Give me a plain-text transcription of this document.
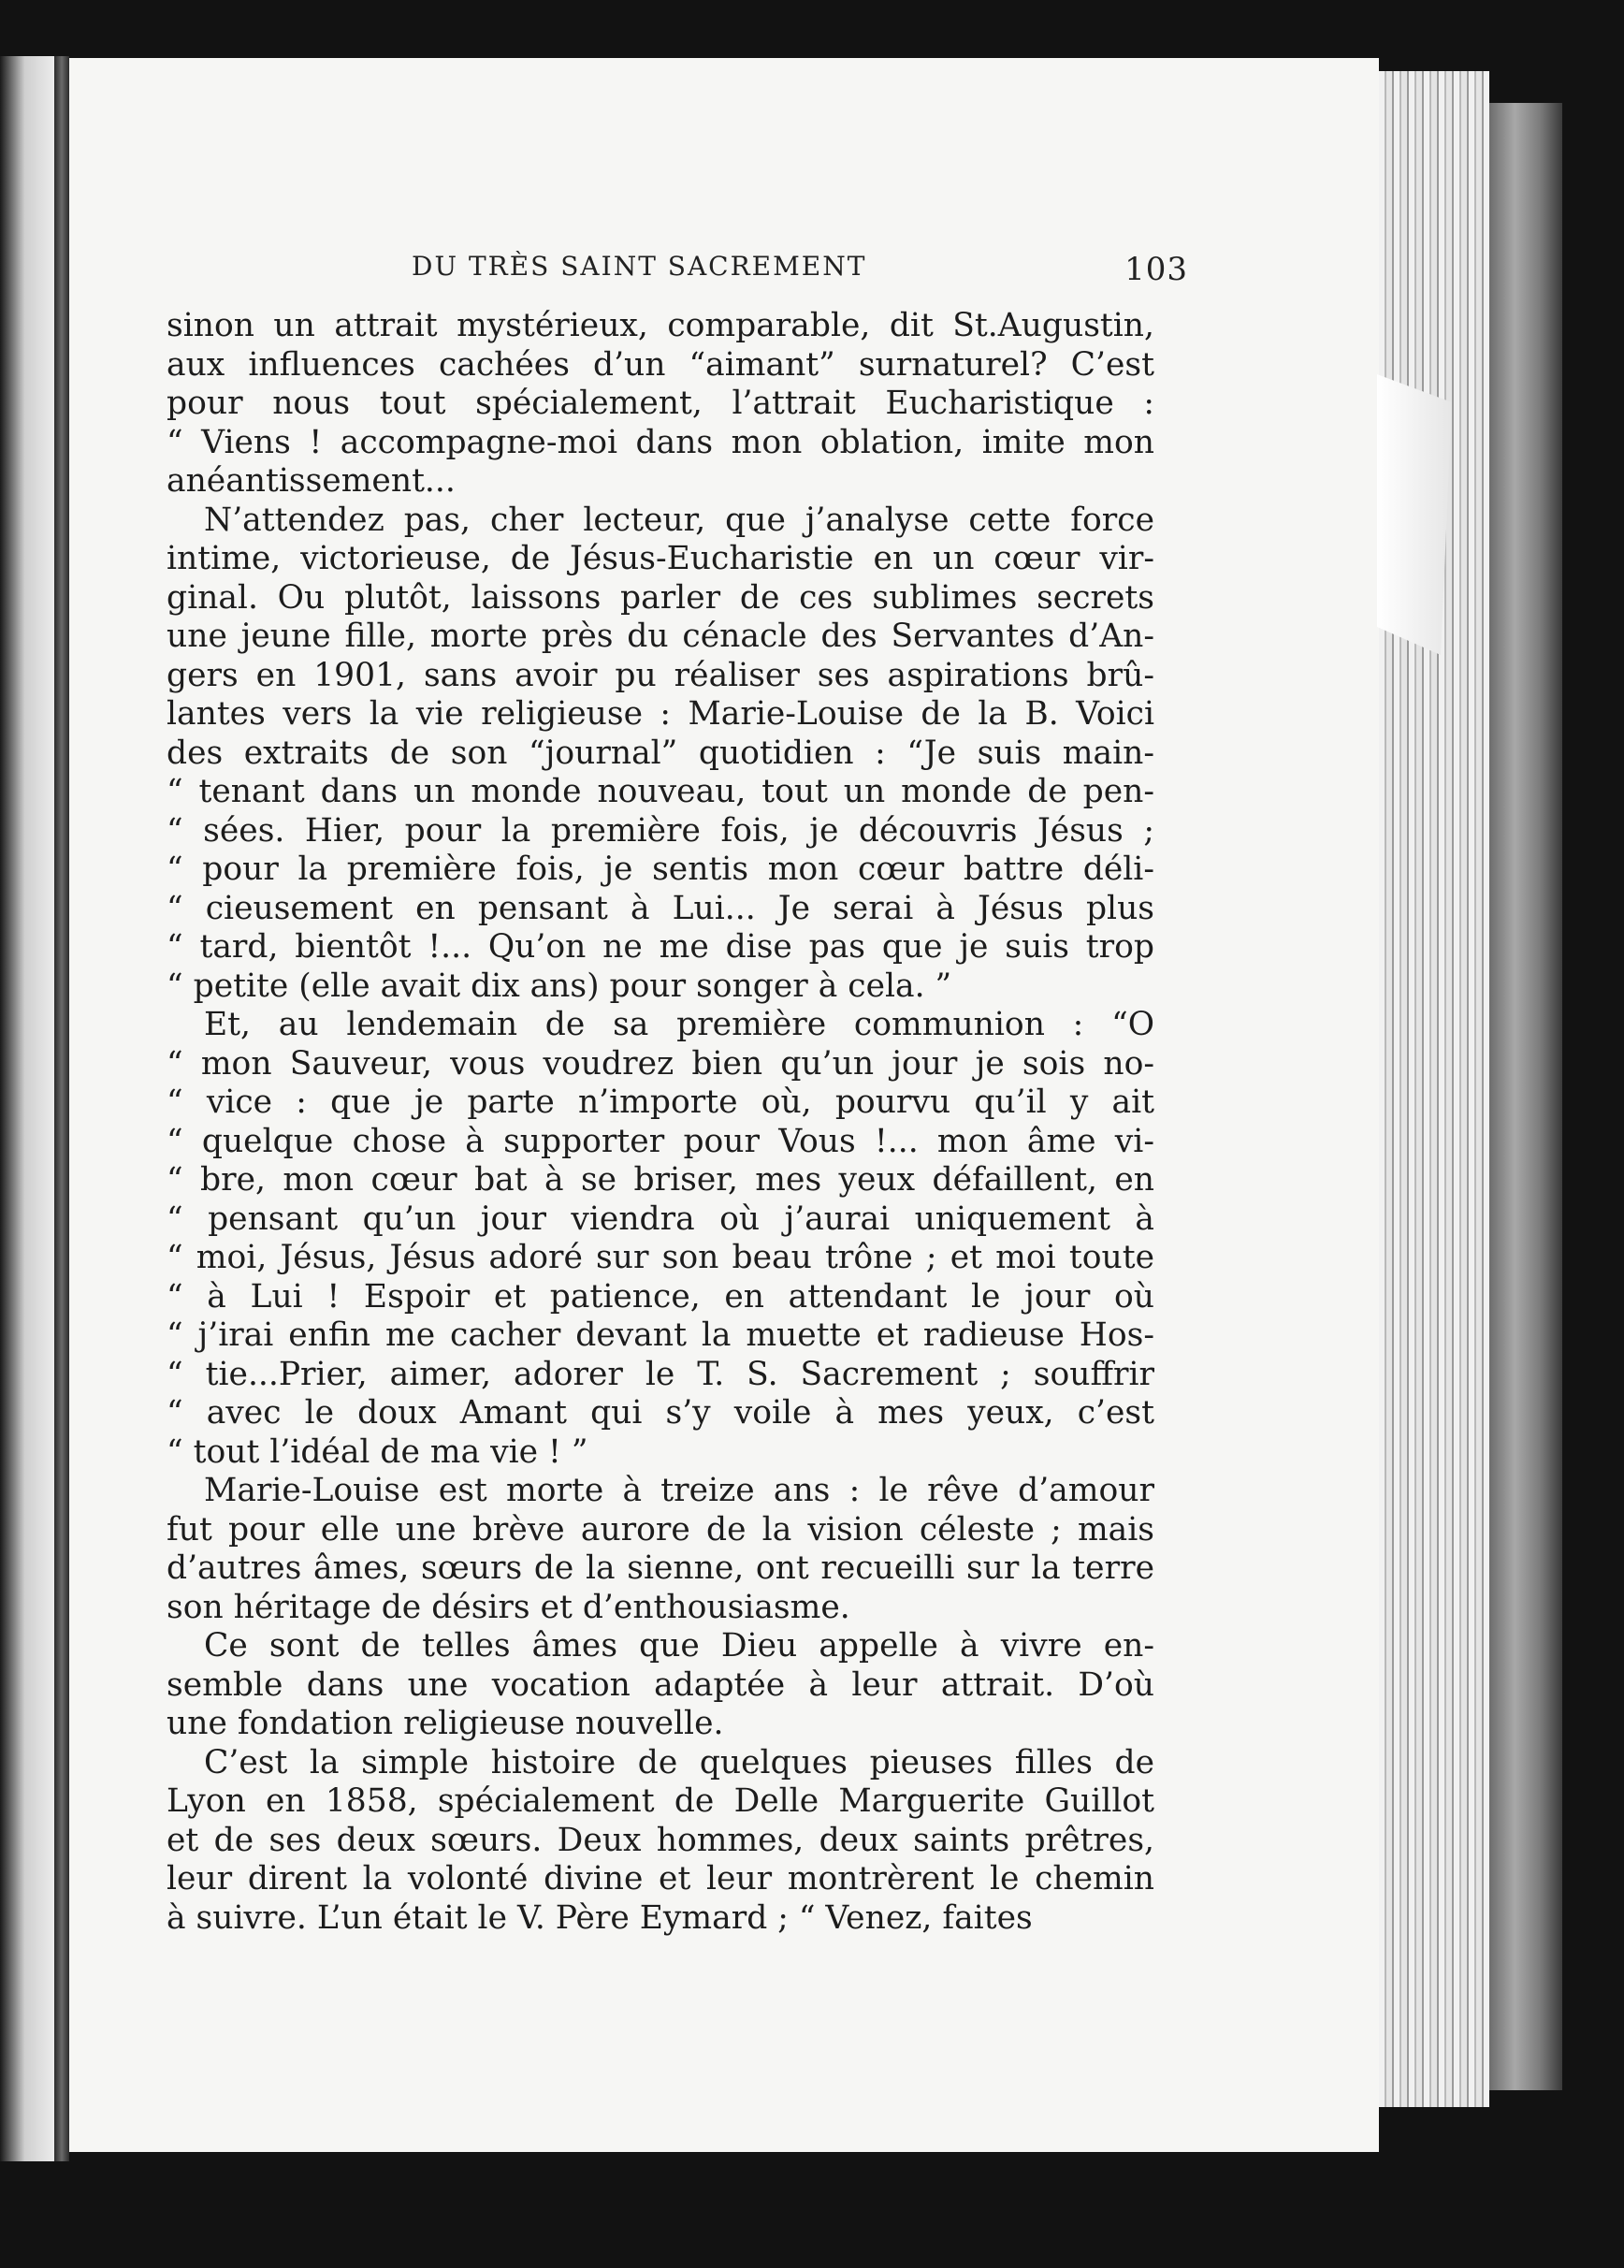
DU TRÈS SAINT SACREMENT	103
sinon un attrait mystérieux, comparable, dit St.Augustin,
aux influences cachées d’un “aimant” surnaturel? C’est
pour nous tout spécialement, l’attrait Eucharistique :
“ Viens ! accompagne-moi dans mon oblation, imite mon
anéantissement...
N’attendez pas, cher lecteur, que j’analyse cette force
intime, victorieuse, de Jésus-Eucharistie en un cœur vir-
ginal. Ou plutôt, laissons parler de ces sublimes secrets
une jeune fille, morte près du cénacle des Servantes d’An-
gers en 1901, sans avoir pu réaliser ses aspirations brû-
lantes vers la vie religieuse : Marie-Louise de la B. Voici
des extraits de son “journal” quotidien : “Je suis main-
“ tenant dans un monde nouveau, tout un monde de pen-
“ sées. Hier, pour la première fois, je découvris Jésus ;
“ pour la première fois, je sentis mon cœur battre déli-
“ cieusement en pensant à Lui... Je serai à Jésus plus
“ tard, bientôt !... Qu’on ne me dise pas que je suis trop
“ petite (elle avait dix ans) pour songer à cela. ”
Et, au lendemain de sa première communion : “O
“ mon Sauveur, vous voudrez bien qu’un jour je sois no-
“ vice : que je parte n’importe où, pourvu qu’il y ait
“ quelque chose à supporter pour Vous !... mon âme vi-
“ bre, mon cœur bat à se briser, mes yeux défaillent, en
“ pensant qu’un jour viendra où j’aurai uniquement à
“ moi, Jésus, Jésus adoré sur son beau trône ; et moi toute
“ à Lui ! Espoir et patience, en attendant le jour où
“ j’irai enfin me cacher devant la muette et radieuse Hos-
“ tie...Prier, aimer, adorer le T. S. Sacrement ; souffrir
“ avec le doux Amant qui s’y voile à mes yeux, c’est
“ tout l’idéal de ma vie ! ”
Marie-Louise est morte à treize ans : le rêve d’amour
fut pour elle une brève aurore de la vision céleste ; mais
d’autres âmes, sœurs de la sienne, ont recueilli sur la terre
son héritage de désirs et d’enthousiasme.
Ce sont de telles âmes que Dieu appelle à vivre en-
semble dans une vocation adaptée à leur attrait. D’où
une fondation religieuse nouvelle.
C’est la simple histoire de quelques pieuses filles de
Lyon en 1858, spécialement de Delle Marguerite Guillot
et de ses deux sœurs. Deux hommes, deux saints prêtres,
leur dirent la volonté divine et leur montrèrent le chemin
à suivre. L’un était le V. Père Eymard ; “ Venez, faites
